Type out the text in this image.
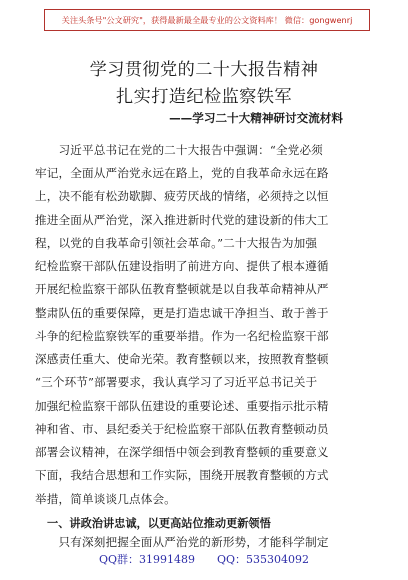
关注头条号"公文研究"，获得最新最全最专业的公文资料库！ 微信：gongwenrj
学习贯彻党的二十大报告精神
扎实打造纪检监察铁军
——学习二十大精神研讨交流材料
　　习近平总书记在党的二十大报告中强调：“全党必须
牢记，全面从严治党永远在路上，党的自我革命永远在路
上，决不能有松劲歇脚、疲劳厌战的情绪，必须持之以恒
推进全面从严治党，深入推进新时代党的建设新的伟大工
程，以党的自我革命引领社会革命。”二十大报告为加强
纪检监察干部队伍建设指明了前进方向、提供了根本遵循
开展纪检监察干部队伍教育整顿就是以自我革命精神从严
整肃队伍的重要保障，更是打造忠诚干净担当、敢于善于
斗争的纪检监察铁军的重要举措。作为一名纪检监察干部
深感责任重大、使命光荣。教育整顿以来，按照教育整顿
“三个环节”部署要求，我认真学习了习近平总书记关于
加强纪检监察干部队伍建设的重要论述、重要指示批示精
神和省、市、县纪委关于纪检监察干部队伍教育整顿动员
部署会议精神，在深学细悟中领会到教育整顿的重要意义
下面，我结合思想和工作实际，围绕开展教育整顿的方式
举措，简单谈谈几点体会。
一、讲政治讲忠诚，以更高站位推动更新领悟
　　只有深刻把握全面从严治党的新形势，才能科学制定
QQ群：31991489　　QQ：535304092
